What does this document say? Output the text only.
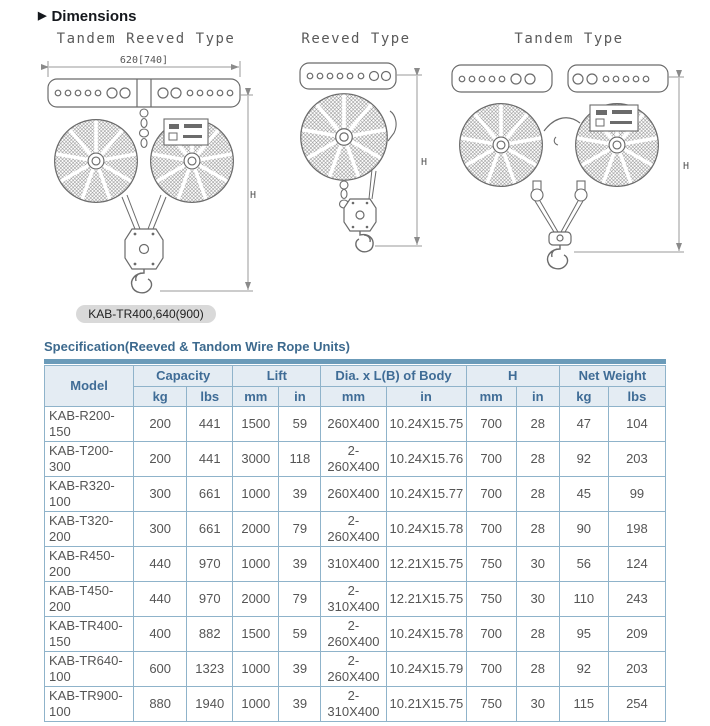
▶ Dimensions
Tandem Reeved Type
620[740]
H
KAB-TR400,640(900)
Reeved Type
H
Tandem Type
H
Specification(Reeved & Tandom Wire Rope Units)
Model	Capacity		Lift		Dia. x L(B) of Body		H		Net Weight	
	kg	lbs	mm	in	mm	in	mm	in	kg	lbs
KAB-R200-150	200	441	1500	59	260X400	10.24X15.75	700	28	47	104
KAB-T200-300	200	441	3000	118	2-260X400	10.24X15.76	700	28	92	203
KAB-R320-100	300	661	1000	39	260X400	10.24X15.77	700	28	45	99
KAB-T320-200	300	661	2000	79	2-260X400	10.24X15.78	700	28	90	198
KAB-R450-200	440	970	1000	39	310X400	12.21X15.75	750	30	56	124
KAB-T450-200	440	970	2000	79	2-310X400	12.21X15.75	750	30	110	243
KAB-TR400-150	400	882	1500	59	2-260X400	10.24X15.78	700	28	95	209
KAB-TR640-100	600	1323	1000	39	2-260X400	10.24X15.79	700	28	92	203
KAB-TR900-100	880	1940	1000	39	2-310X400	10.21X15.75	750	30	115	254
